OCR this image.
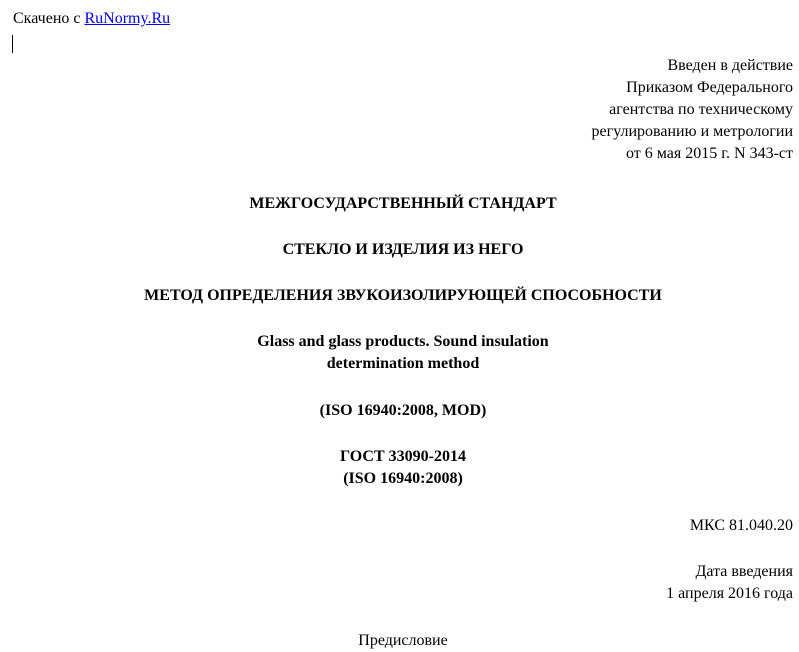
Скачено с RuNormy.Ru
Введен в действие
Приказом Федерального
агентства по техническому
регулированию и метрологии
от 6 мая 2015 г. N 343-ст
МЕЖГОСУДАРСТВЕННЫЙ СТАНДАРТ
СТЕКЛО И ИЗДЕЛИЯ ИЗ НЕГО
МЕТОД ОПРЕДЕЛЕНИЯ ЗВУКОИЗОЛИРУЮЩЕЙ СПОСОБНОСТИ
Glass and glass products. Sound insulation
determination method
(ISO 16940:2008, MOD)
ГОСТ 33090-2014
(ISO 16940:2008)
МКС 81.040.20
Дата введения
1 апреля 2016 года
Предисловие
